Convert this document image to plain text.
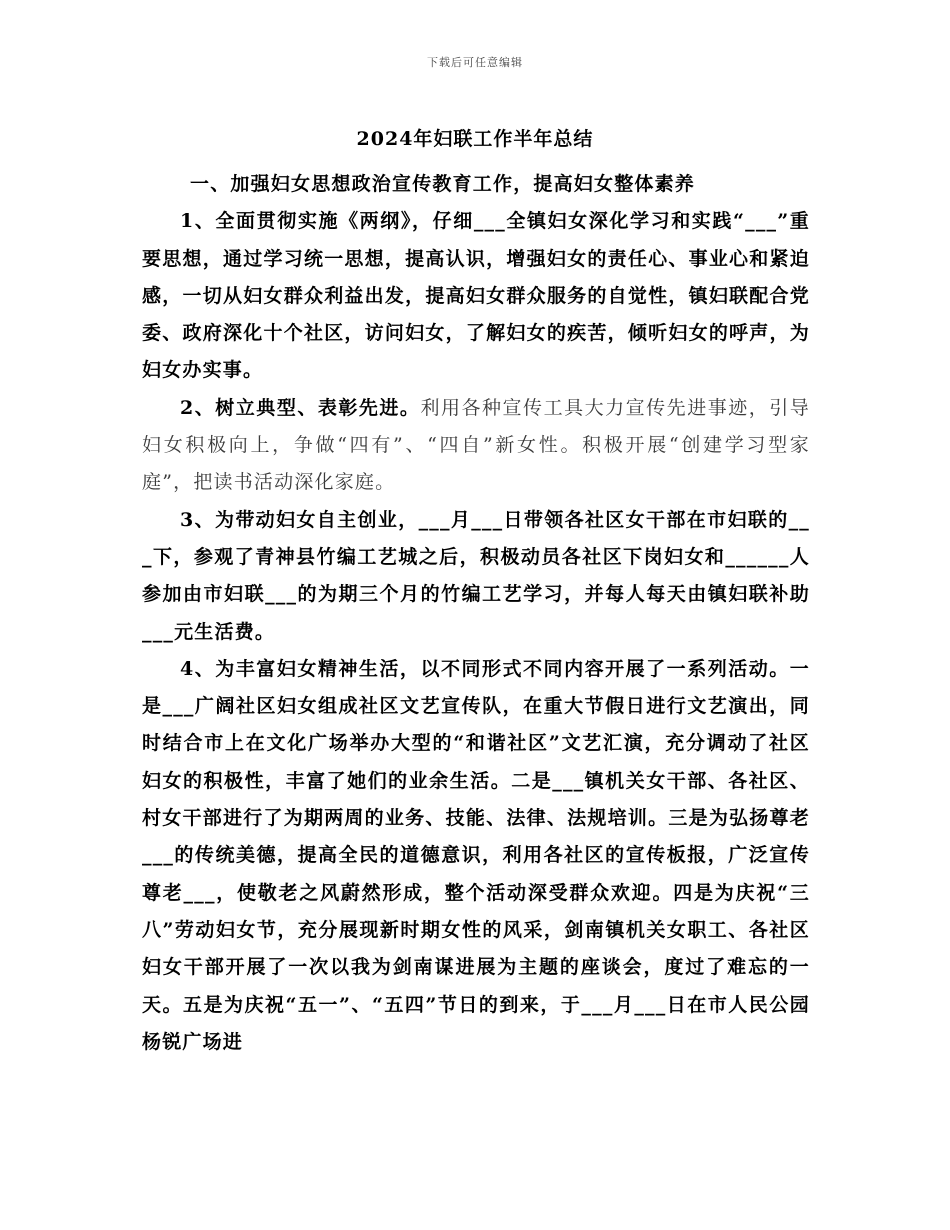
下载后可任意编辑
2024年妇联工作半年总结

一、加强妇女思想政治宣传教育工作，提高妇女整体素养

1、全面贯彻实施《两纲》，仔细___全镇妇女深化学习和实践“___”重要思想，通过学习统一思想，提高认识，增强妇女的责任心、事业心和紧迫感，一切从妇女群众利益出发，提高妇女群众服务的自觉性，镇妇联配合党委、政府深化十个社区，访问妇女，了解妇女的疾苦，倾听妇女的呼声，为妇女办实事。

2、树立典型、表彰先进。利用各种宣传工具大力宣传先进事迹，引导妇女积极向上，争做“四有”、“四自”新女性。积极开展“创建学习型家庭”，把读书活动深化家庭。

3、为带动妇女自主创业，___月___日带领各社区女干部在市妇联的___下，参观了青神县竹编工艺城之后，积极动员各社区下岗妇女和______人参加由市妇联___的为期三个月的竹编工艺学习，并每人每天由镇妇联补助___元生活费。

4、为丰富妇女精神生活，以不同形式不同内容开展了一系列活动。一是___广阔社区妇女组成社区文艺宣传队，在重大节假日进行文艺演出，同时结合市上在文化广场举办大型的“和谐社区”文艺汇演，充分调动了社区妇女的积极性，丰富了她们的业余生活。二是___镇机关女干部、各社区、村女干部进行了为期两周的业务、技能、法律、法规培训。三是为弘扬尊老___的传统美德，提高全民的道德意识，利用各社区的宣传板报，广泛宣传尊老___，使敬老之风蔚然形成，整个活动深受群众欢迎。四是为庆祝“三八”劳动妇女节，充分展现新时期女性的风采，剑南镇机关女职工、各社区妇女干部开展了一次以我为剑南谋进展为主题的座谈会，度过了难忘的一天。五是为庆祝“五一”、“五四”节日的到来，于___月___日在市人民公园杨锐广场进
